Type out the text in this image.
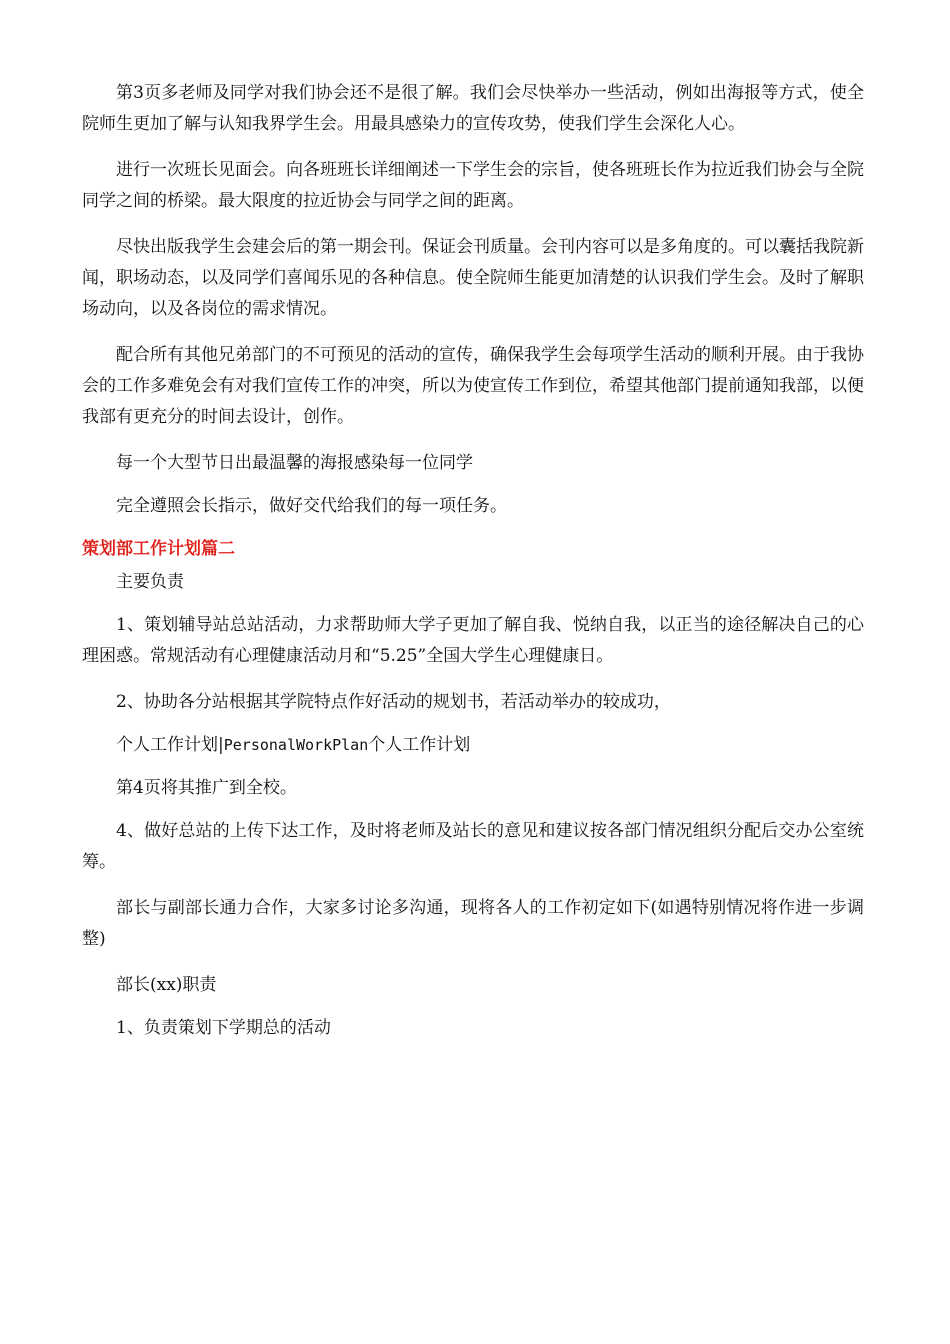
第3页多老师及同学对我们协会还不是很了解。我们会尽快举办一些活动，例如出海报等方式，使全院师生更加了解与认知我界学生会。用最具感染力的宣传攻势，使我们学生会深化人心。

进行一次班长见面会。向各班班长详细阐述一下学生会的宗旨，使各班班长作为拉近我们协会与全院同学之间的桥梁。最大限度的拉近协会与同学之间的距离。

尽快出版我学生会建会后的第一期会刊。保证会刊质量。会刊内容可以是多角度的。可以囊括我院新闻，职场动态，以及同学们喜闻乐见的各种信息。使全院师生能更加清楚的认识我们学生会。及时了解职场动向，以及各岗位的需求情况。

配合所有其他兄弟部门的不可预见的活动的宣传，确保我学生会每项学生活动的顺利开展。由于我协会的工作多难免会有对我们宣传工作的冲突，所以为使宣传工作到位，希望其他部门提前通知我部，以便我部有更充分的时间去设计，创作。

每一个大型节日出最温馨的海报感染每一位同学

完全遵照会长指示，做好交代给我们的每一项任务。

策划部工作计划篇二

主要负责

1、策划辅导站总站活动，力求帮助师大学子更加了解自我、悦纳自我，以正当的途径解决自己的心理困惑。常规活动有心理健康活动月和“5.25”全国大学生心理健康日。

2、协助各分站根据其学院特点作好活动的规划书，若活动举办的较成功，

个人工作计划|PersonalWorkPlan个人工作计划

第4页将其推广到全校。

4、做好总站的上传下达工作，及时将老师及站长的意见和建议按各部门情况组织分配后交办公室统筹。

部长与副部长通力合作，大家多讨论多沟通，现将各人的工作初定如下(如遇特别情况将作进一步调整)

部长(xx)职责

1、负责策划下学期总的活动
